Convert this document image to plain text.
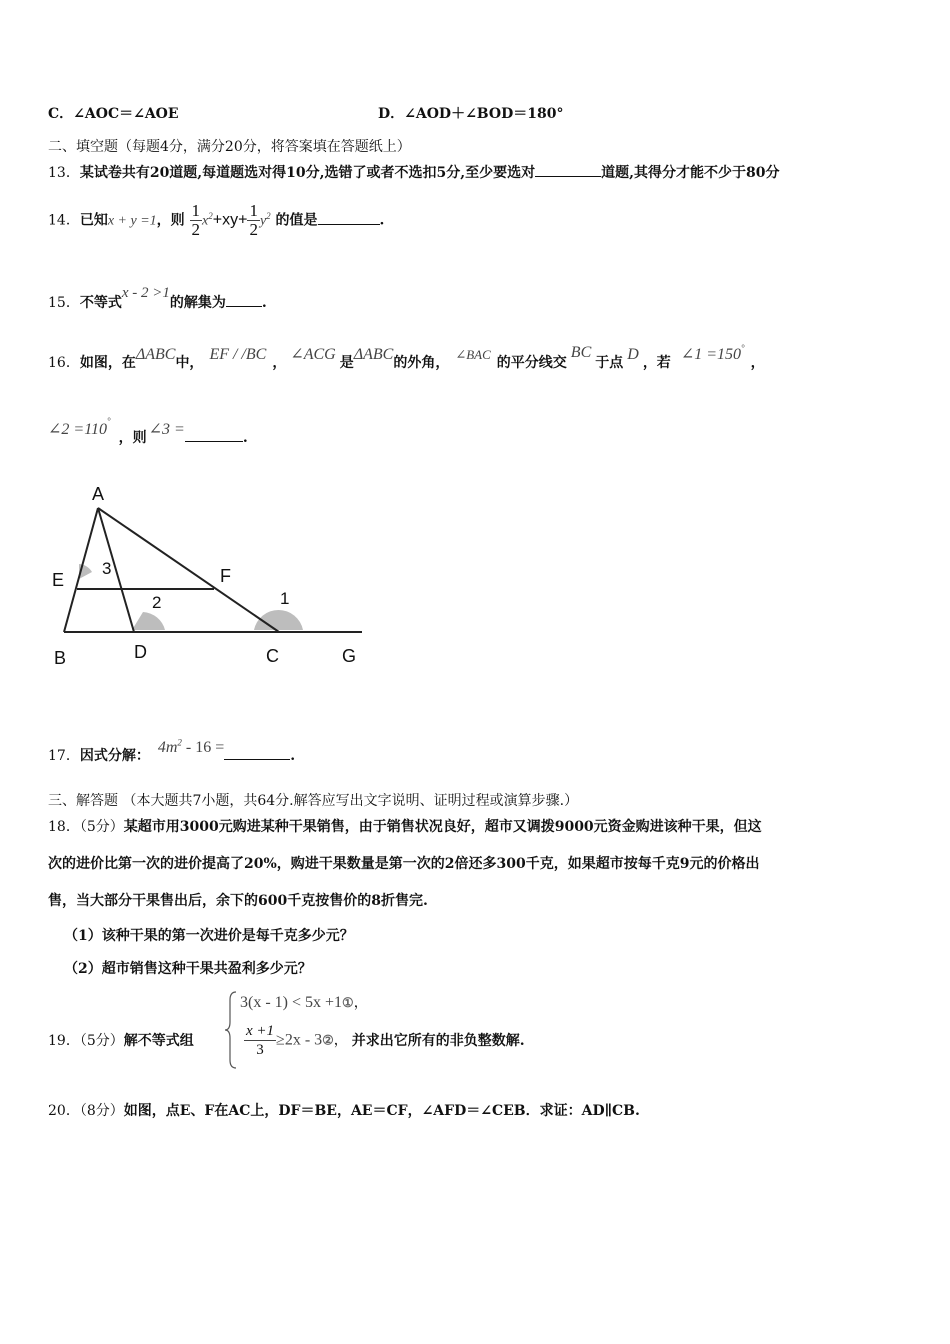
C．∠AOC＝∠AOE	D．∠AOD＋∠BOD＝180°
二、填空题（每题4分，满分20分，将答案填在答题纸上）
13．某试卷共有20道题,每道题选对得10分,选错了或者不选扣5分,至少要选对	道题,其得分才能不少于80分
14．已知x + y =1，则 $\frac{1}{2} x^2+xy+ \frac{1}{2} y^2$ 的值是	.
15．不等式x - 2 >1的解集为	.
16．如图，在ΔABC中， EF / /BC ， ∠ACG 是ΔABC的外角，∠BAC的平分线交BC于点 D ，若 ∠1 =150°，
∠2 =110°，则 ∠3 =	.
A
E	F
B	D	C	G
1
2
3
17．因式分解： $4m^2 - 16$ =	.
三、解答题 （本大题共7小题，共64分.解答应写出文字说明、证明过程或演算步骤.）
18．（5分）某超市用3000元购进某种干果销售，由于销售状况良好，超市又调拨9000元资金购进该种干果，但这
次的进价比第一次的进价提高了20%，购进干果数量是第一次的2倍还多300千克，如果超市按每千克9元的价格出
售，当大部分干果售出后，余下的600千克按售价的8折售完.
（1）该种干果的第一次进价是每千克多少元？
（2）超市销售这种干果共盈利多少元？
19．（5分）解不等式组
3(x - 1) < 5x +1①，
$\frac{x +1}{3} \ge 2x$ - 3②， 并求出它所有的非负整数解.
20．（8分）如图，点E、F在AC上，DF＝BE，AE＝CF，∠AFD＝∠CEB．求证：AD∥CB.
